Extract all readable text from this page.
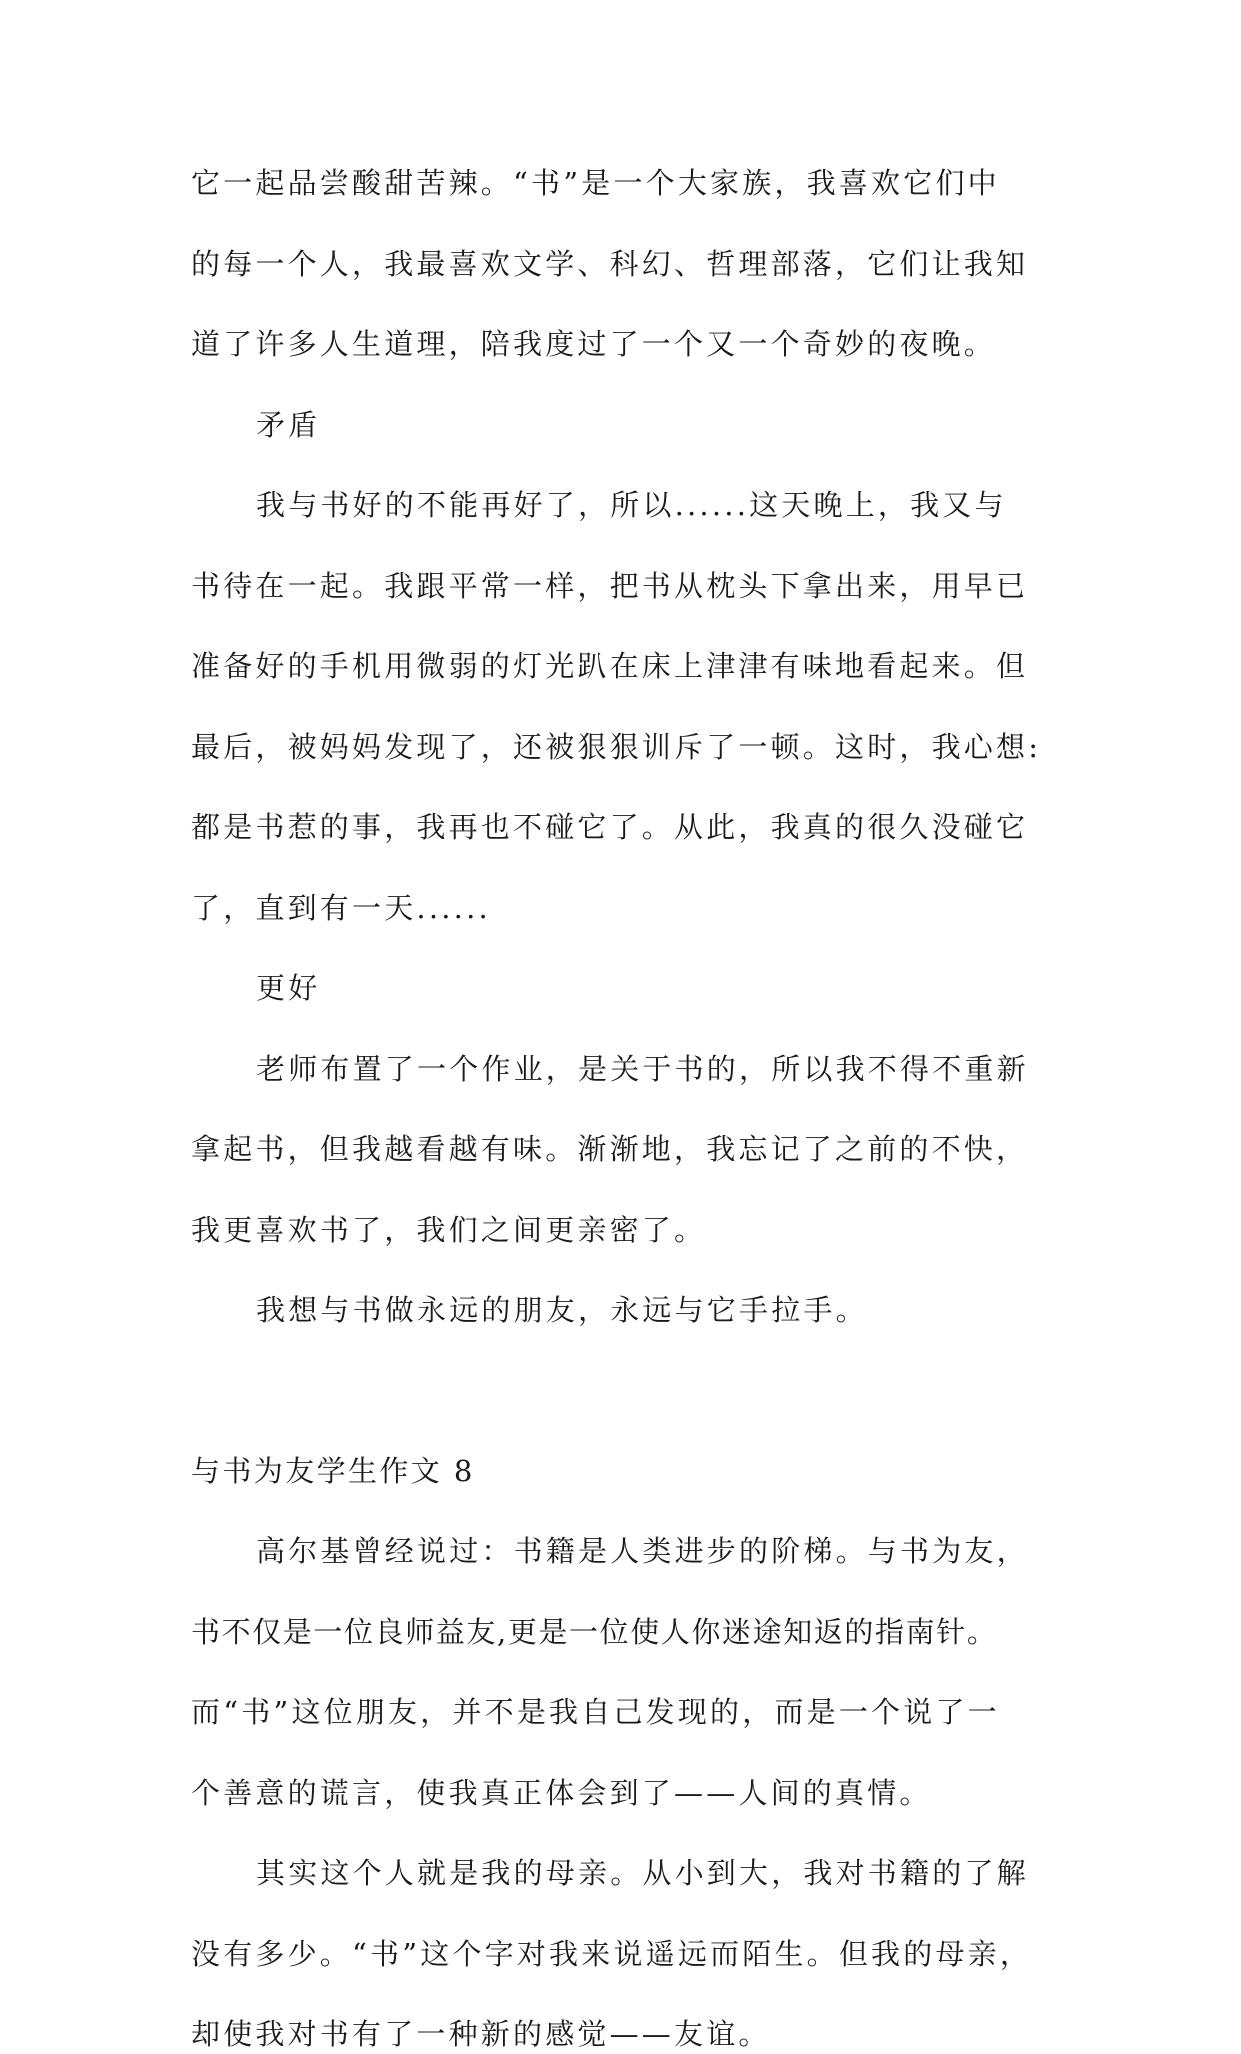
它一起品尝酸甜苦辣。“书”是一个大家族，我喜欢它们中

的每一个人，我最喜欢文学、科幻、哲理部落，它们让我知

道了许多人生道理，陪我度过了一个又一个奇妙的夜晚。

矛盾

我与书好的不能再好了，所以......这天晚上，我又与

书待在一起。我跟平常一样，把书从枕头下拿出来，用早已

准备好的手机用微弱的灯光趴在床上津津有味地看起来。但

最后，被妈妈发现了，还被狠狠训斥了一顿。这时，我心想:

都是书惹的事，我再也不碰它了。从此，我真的很久没碰它

了，直到有一天......

更好

老师布置了一个作业，是关于书的，所以我不得不重新

拿起书，但我越看越有味。渐渐地，我忘记了之前的不快，

我更喜欢书了，我们之间更亲密了。

我想与书做永远的朋友，永远与它手拉手。

与书为友学生作文 8

高尔基曾经说过：书籍是人类进步的阶梯。与书为友，

书不仅是一位良师益友,更是一位使人你迷途知返的指南针。

而“书”这位朋友，并不是我自己发现的，而是一个说了一

个善意的谎言，使我真正体会到了——人间的真情。

其实这个人就是我的母亲。从小到大，我对书籍的了解

没有多少。“书”这个字对我来说遥远而陌生。但我的母亲，

却使我对书有了一种新的感觉——友谊。
